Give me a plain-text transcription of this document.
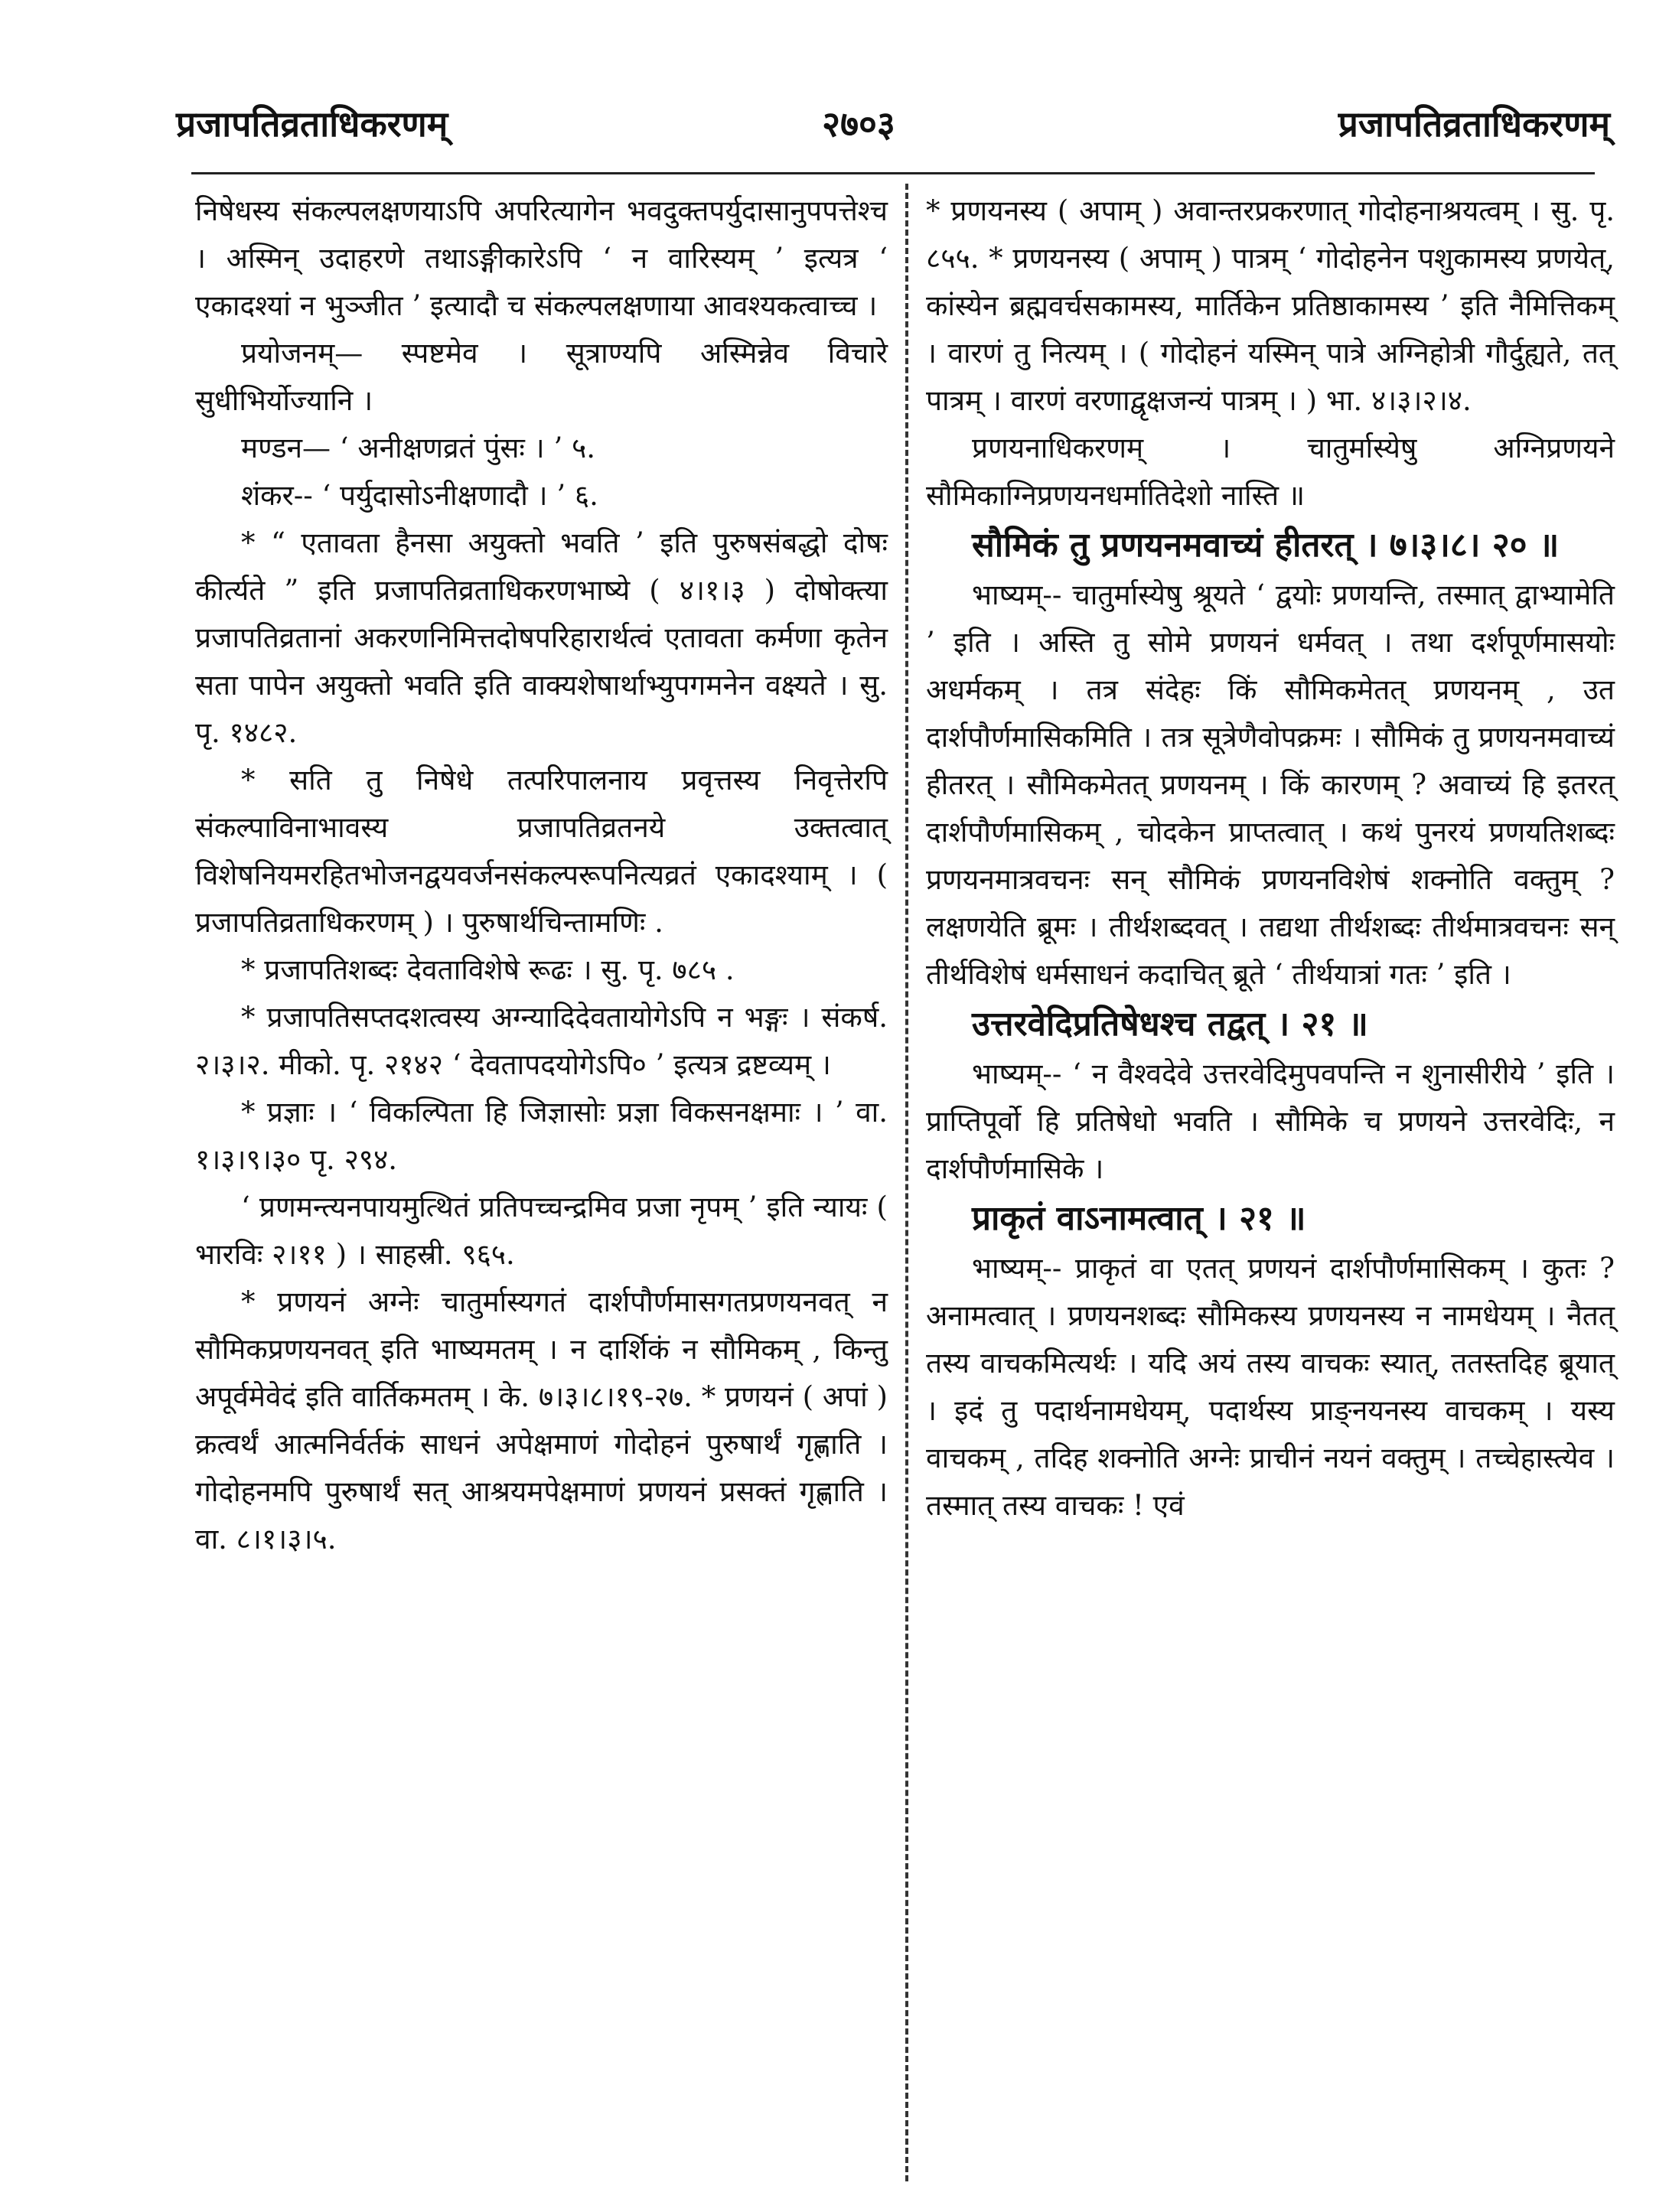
प्रजापतिव्रताधिकरणम्	२७०३	प्रजापतिव्रताधिकरणम्

निषेधस्य संकल्पलक्षणयाऽपि अपरित्यागेन भवदुक्तपर्युदासानुपपत्तेश्च । अस्मिन् उदाहरणे तथाऽङ्गीकारेऽपि ‘ न वारिस्यम् ’ इत्यत्र ‘ एकादश्यां न भुञ्जीत ’ इत्यादौ च संकल्पलक्षणाया आवश्यकत्वाच्च ।

प्रयोजनम्— स्पष्टमेव । सूत्राण्यपि अस्मिन्नेव विचारे सुधीभिर्योज्यानि ।

मण्डन— ‘ अनीक्षणव्रतं पुंसः । ’ ५.

शंकर-- ‘ पर्युदासोऽनीक्षणादौ । ’ ६.

* “ एतावता हैनसा अयुक्तो भवति ’ इति पुरुषसंबद्धो दोषः कीर्त्यते ” इति प्रजापतिव्रताधिकरणभाष्ये ( ४।१।३ ) दोषोक्त्या प्रजापतिव्रतानां अकरणनिमित्तदोषपरिहारार्थत्वं एतावता कर्मणा कृतेन सता पापेन अयुक्तो भवति इति वाक्यशेषार्थाभ्युपगमनेन वक्ष्यते । सु. पृ. १४८२.

* सति तु निषेधे तत्परिपालनाय प्रवृत्तस्य निवृत्तेरपि संकल्पाविनाभावस्य प्रजापतिव्रतनये उक्तत्वात् विशेषनियमरहितभोजनद्वयवर्जनसंकल्परूपनित्यव्रतं एकादश्याम् । ( प्रजापतिव्रताधिकरणम् ) । पुरुषार्थचिन्तामणिः .

* प्रजापतिशब्दः देवताविशेषे रूढः । सु. पृ. ७८५ .

* प्रजापतिसप्तदशत्वस्य अग्न्यादिदेवतायोगेऽपि न भङ्गः । संकर्ष. २।३।२. मीको. पृ. २१४२ ‘ देवतापदयोगेऽपि० ’ इत्यत्र द्रष्टव्यम् ।

* प्रज्ञाः । ‘ विकल्पिता हि जिज्ञासोः प्रज्ञा विकसनक्षमाः । ’ वा. १।३।९।३० पृ. २९४.

‘ प्रणमन्त्यनपायमुत्थितं प्रतिपच्चन्द्रमिव प्रजा नृपम् ’ इति न्यायः ( भारविः २।११ ) । साहस्री. ९६५.

* प्रणयनं अग्नेः चातुर्मास्यगतं दार्शपौर्णमासगतप्रणयनवत् न सौमिकप्रणयनवत् इति भाष्यमतम् । न दार्शिकं न सौमिकम् , किन्तु अपूर्वमेवेदं इति वार्तिकमतम् । के. ७।३।८।१९-२७. * प्रणयनं ( अपां ) क्रत्वर्थं आत्मनिर्वर्तकं साधनं अपेक्षमाणं गोदोहनं पुरुषार्थं गृह्णाति । गोदोहनमपि पुरुषार्थं सत् आश्रयमपेक्षमाणं प्रणयनं प्रसक्तं गृह्णाति । वा. ८।१।३।५.

* प्रणयनस्य ( अपाम् ) अवान्तरप्रकरणात् गोदोहनाश्रयत्वम् । सु. पृ. ८५५. * प्रणयनस्य ( अपाम् ) पात्रम् ‘ गोदोहनेन पशुकामस्य प्रणयेत्, कांस्येन ब्रह्मवर्चसकामस्य, मार्तिकेन प्रतिष्ठाकामस्य ’ इति नैमित्तिकम् । वारणं तु नित्यम् । ( गोदोहनं यस्मिन् पात्रे अग्निहोत्री गौर्दुह्यते, तत् पात्रम् । वारणं वरणाद्वृक्षजन्यं पात्रम् । ) भा. ४।३।२।४.

प्रणयनाधिकरणम् । चातुर्मास्येषु अग्निप्रणयने सौमिकाग्निप्रणयनधर्मातिदेशो नास्ति ॥

सौमिकं तु प्रणयनमवाच्यं हीतरत् । ७।३।८। २० ॥

भाष्यम्-- चातुर्मास्येषु श्रूयते ‘ द्वयोः प्रणयन्ति, तस्मात् द्वाभ्यामेति ’ इति । अस्ति तु सोमे प्रणयनं धर्मवत् । तथा दर्शपूर्णमासयोः अधर्मकम् । तत्र संदेहः किं सौमिकमेतत् प्रणयनम् , उत दार्शपौर्णमासिकमिति । तत्र सूत्रेणैवोपक्रमः । सौमिकं तु प्रणयनमवाच्यं हीतरत् । सौमिकमेतत् प्रणयनम् । किं कारणम् ? अवाच्यं हि इतरत् दार्शपौर्णमासिकम् , चोदकेन प्राप्तत्वात् । कथं पुनरयं प्रणयतिशब्दः प्रणयनमात्रवचनः सन् सौमिकं प्रणयनविशेषं शक्नोति वक्तुम् ? लक्षणयेति ब्रूमः । तीर्थशब्दवत् । तद्यथा तीर्थशब्दः तीर्थमात्रवचनः सन् तीर्थविशेषं धर्मसाधनं कदाचित् ब्रूते ‘ तीर्थयात्रां गतः ’ इति ।

उत्तरवेदिप्रतिषेधश्च तद्वत् । २१ ॥

भाष्यम्-- ‘ न वैश्वदेवे उत्तरवेदिमुपवपन्ति न शुनासीरीये ’ इति । प्राप्तिपूर्वो हि प्रतिषेधो भवति । सौमिके च प्रणयने उत्तरवेदिः, न दार्शपौर्णमासिके ।

प्राकृतं वाऽनामत्वात् । २१ ॥

भाष्यम्-- प्राकृतं वा एतत् प्रणयनं दार्शपौर्णमासिकम् । कुतः ? अनामत्वात् । प्रणयनशब्दः सौमिकस्य प्रणयनस्य न नामधेयम् । नैतत् तस्य वाचकमित्यर्थः । यदि अयं तस्य वाचकः स्यात्, ततस्तदिह ब्रूयात् । इदं तु पदार्थनामधेयम्, पदार्थस्य प्राङ्नयनस्य वाचकम् । यस्य वाचकम् , तदिह शक्नोति अग्नेः प्राचीनं नयनं वक्तुम् । तच्चेहास्त्येव । तस्मात् तस्य वाचकः ! एवं
